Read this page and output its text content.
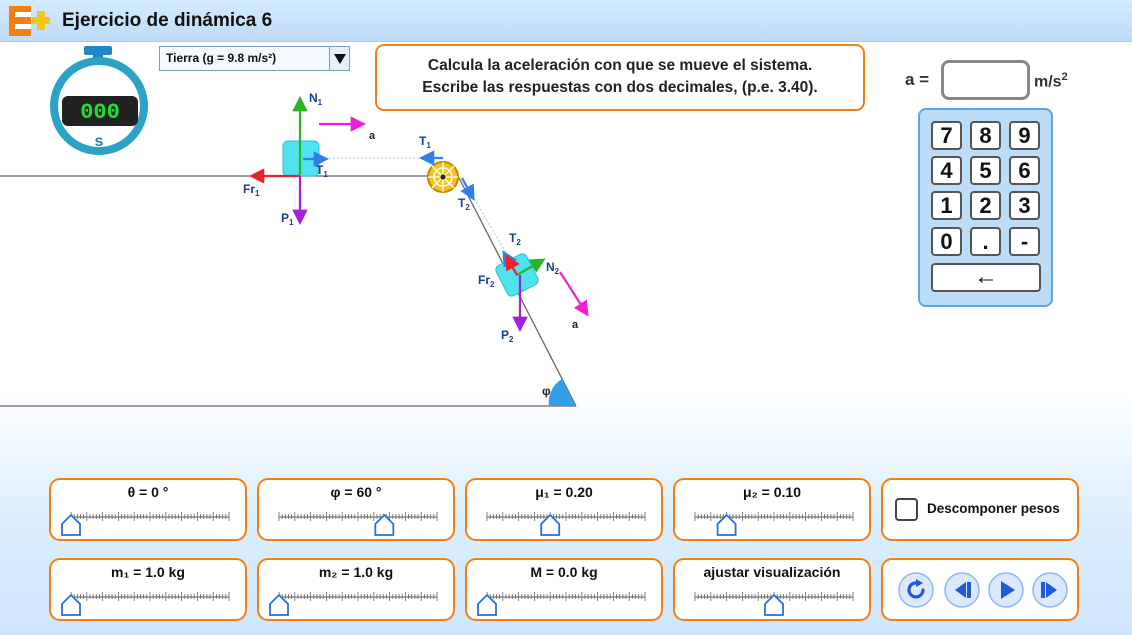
Ejercicio de dinámica 6
000
s
$N_1$
a	$T_1$
$T_1$
$Fr_1$
$P_1$
$T_2$
$T_2$
$N_2$
$Fr_2$
$P_2$
a
φ
Tierra (g = 9.8 m/s²)	Calcula la aceleración con que se mueve el sistema.
Escribe las respuestas con dos decimales, (p.e. 3.40).	a =	$m/s^2$
7	8	9
4	5	6
1	2	3
0	.	-
←
θ = 0 °	φ = 60 °	μ₁ = 0.20	μ₂ = 0.10
Descomponer pesos
m₁ = 1.0 kg	m₂ = 1.0 kg	M = 0.0 kg	ajustar visualización
